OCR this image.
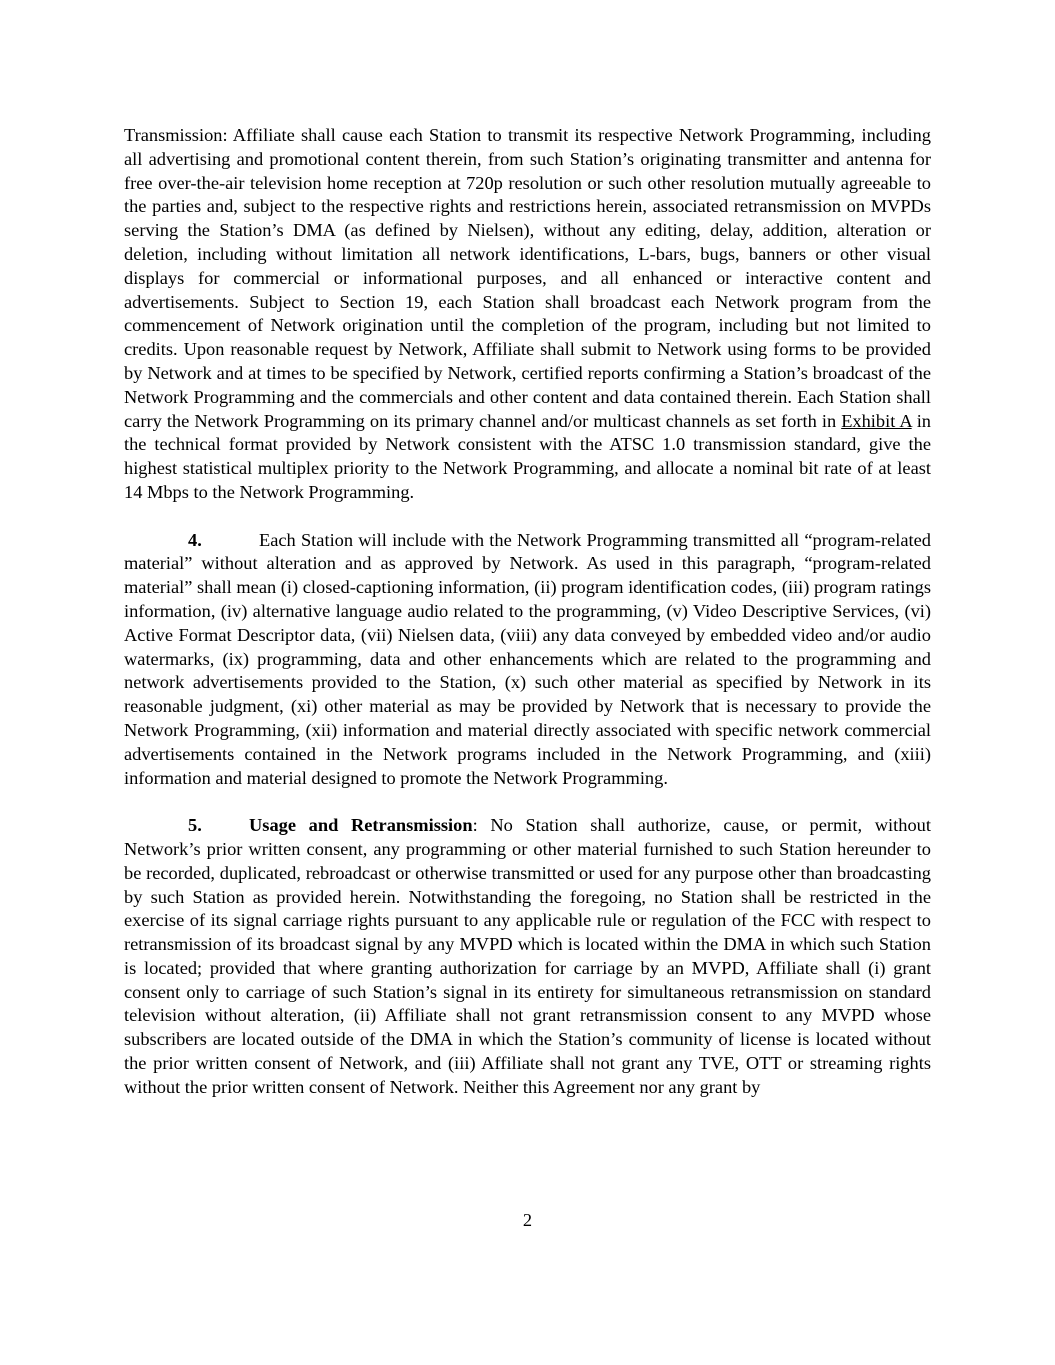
Transmission: Affiliate shall cause each Station to transmit its respective Network Programming, including all advertising and promotional content therein, from such Station’s originating transmitter and antenna for free over-the-air television home reception at 720p resolution or such other resolution mutually agreeable to the parties and, subject to the respective rights and restrictions herein, associated retransmission on MVPDs serving the Station’s DMA (as defined by Nielsen), without any editing, delay, addition, alteration or deletion, including without limitation all network identifications, L-bars, bugs, banners or other visual displays for commercial or informational purposes, and all enhanced or interactive content and advertisements. Subject to Section 19, each Station shall broadcast each Network program from the commencement of Network origination until the completion of the program, including but not limited to credits. Upon reasonable request by Network, Affiliate shall submit to Network using forms to be provided by Network and at times to be specified by Network, certified reports confirming a Station’s broadcast of the Network Programming and the commercials and other content and data contained therein. Each Station shall carry the Network Programming on its primary channel and/or multicast channels as set forth in Exhibit A in the technical format provided by Network consistent with the ATSC 1.0 transmission standard, give the highest statistical multiplex priority to the Network Programming, and allocate a nominal bit rate of at least 14 Mbps to the Network Programming.

4.	Each Station will include with the Network Programming transmitted all “program-related material” without alteration and as approved by Network. As used in this paragraph, “program-related material” shall mean (i) closed-captioning information, (ii) program identification codes, (iii) program ratings information, (iv) alternative language audio related to the programming, (v) Video Descriptive Services, (vi) Active Format Descriptor data, (vii) Nielsen data, (viii) any data conveyed by embedded video and/or audio watermarks, (ix) programming, data and other enhancements which are related to the programming and network advertisements provided to the Station, (x) such other material as specified by Network in its reasonable judgment, (xi) other material as may be provided by Network that is necessary to provide the Network Programming, (xii) information and material directly associated with specific network commercial advertisements contained in the Network programs included in the Network Programming, and (xiii) information and material designed to promote the Network Programming.

5.	Usage and Retransmission: No Station shall authorize, cause, or permit, without Network’s prior written consent, any programming or other material furnished to such Station hereunder to be recorded, duplicated, rebroadcast or otherwise transmitted or used for any purpose other than broadcasting by such Station as provided herein. Notwithstanding the foregoing, no Station shall be restricted in the exercise of its signal carriage rights pursuant to any applicable rule or regulation of the FCC with respect to retransmission of its broadcast signal by any MVPD which is located within the DMA in which such Station is located; provided that where granting authorization for carriage by an MVPD, Affiliate shall (i) grant consent only to carriage of such Station’s signal in its entirety for simultaneous retransmission on standard television without alteration, (ii) Affiliate shall not grant retransmission consent to any MVPD whose subscribers are located outside of the DMA in which the Station’s community of license is located without the prior written consent of Network, and (iii) Affiliate shall not grant any TVE, OTT or streaming rights without the prior written consent of Network. Neither this Agreement nor any grant by

2
